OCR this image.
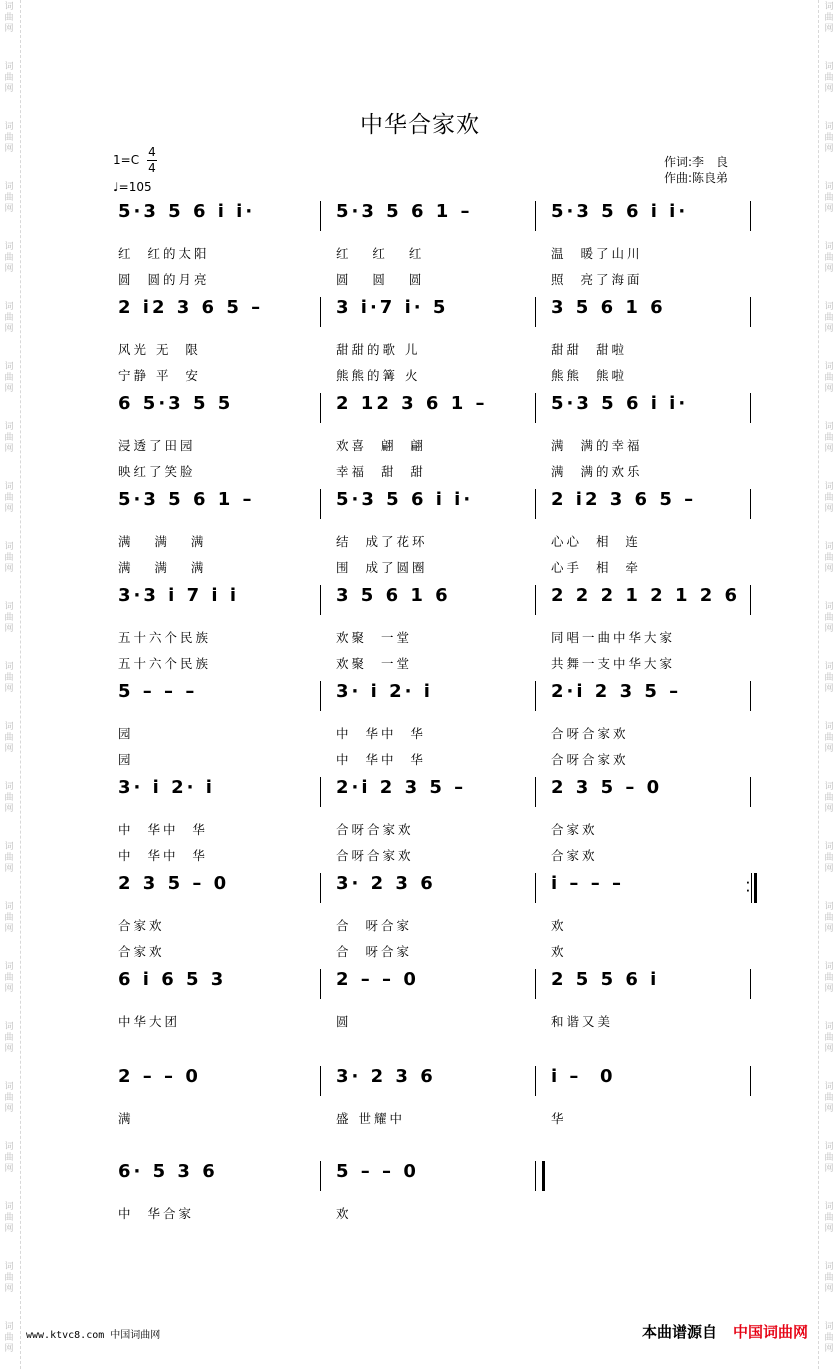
词
曲
网
词
曲
网
词
曲
网
词
曲
网
词
曲
网
词
曲
网
词
曲
网
词
曲
网
词
曲
网
词
曲
网
词
曲
网
词
曲
网
词
曲
网
词
曲
网
词
曲
网
词
曲
网
词
曲
网
词
曲
网
词
曲
网
词
曲
网
词
曲
网
词
曲
网
词
曲
网
词
曲
网
词
曲
网
词
曲
网
词
曲
网
词
曲
网
词
曲
网
词
曲
网
词
曲
网
词
曲
网
词
曲
网
词
曲
网
词
曲
网
词
曲
网
词
曲
网
词
曲
网
词
曲
网
词
曲
网
词
曲
网
词
曲
网
词
曲
网
词
曲
网
词
曲
网
词
曲
网
中华合家欢
1=C
4
4
♩=105
作词:李　良
作曲:陈良弟
5·3 5 6 i i·
红  红的太阳
圆  圆的月亮
5·3 5 6 1 –
红   红   红
圆   圆   圆
5·3 5 6 i i·
温  暖了山川
照  亮了海面
2 i2 3 6 5 –
风光 无  限
宁静 平  安
3 i·7 i· 5
甜甜的歌 儿
熊熊的篝 火
3 5 6 1 6
甜甜  甜啦
熊熊  熊啦
6 5·3 5 5
浸透了田园
映红了笑脸
2 12 3 6 1 –
欢喜  翩  翩
幸福  甜  甜
5·3 5 6 i i·
满  满的幸福
满  满的欢乐
5·3 5 6 1 –
满   满   满
满   满   满
5·3 5 6 i i·
结  成了花环
围  成了圆圈
2 i2 3 6 5 –
心心  相  连
心手  相  牵
3·3 i 7 i i
五十六个民族
五十六个民族
3 5 6 1 6
欢聚  一堂
欢聚  一堂
2 2 2 1 2 1 2 6
同唱一曲中华大家
共舞一支中华大家
5 – – –
园
园
3· i 2· i
中  华中  华
中  华中  华
2·i 2 3 5 –
合呀合家欢
合呀合家欢
3· i 2· i
中  华中  华
中  华中  华
2·i 2 3 5 –
合呀合家欢
合呀合家欢
2 3 5 – 0
合家欢
合家欢
2 3 5 – 0
合家欢
合家欢
3· 2 3 6
合  呀合家
合  呀合家
i – – –
欢
欢
·
·
6 i 6 5 3
中华大团
2 – – 0
圆
2 5 5 6 i
和谐又美
2 – – 0
满
3· 2 3 6
盛 世耀中
i –  0
华
6· 5 3 6
中  华合家
5 – – 0
欢
www.ktvc8.com 中国词曲网	本曲谱源自 中国词曲网
